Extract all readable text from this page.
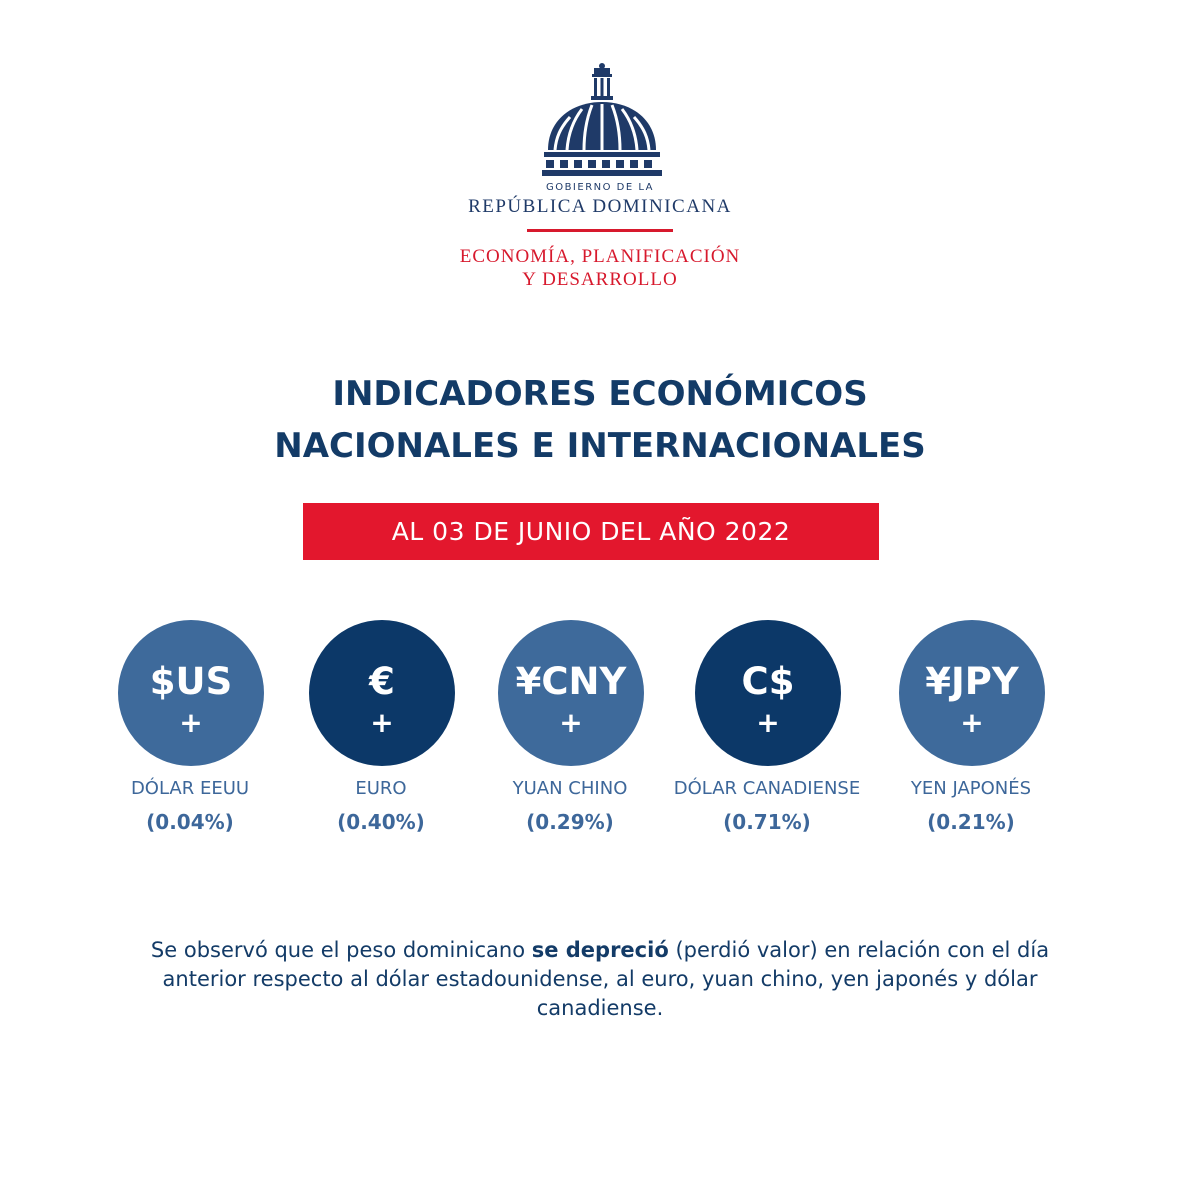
GOBIERNO DE LA
REPÚBLICA DOMINICANA
ECONOMÍA, PLANIFICACIÓN
Y DESARROLLO
INDICADORES ECONÓMICOS
NACIONALES E INTERNACIONALES
AL 03 DE JUNIO DEL AÑO 2022
$US
+
DÓLAR EEUU
(0.04%)
€
+
EURO
(0.40%)
¥CNY
+
YUAN CHINO
(0.29%)
C$
+
DÓLAR CANADIENSE
(0.71%)
¥JPY
+
YEN JAPONÉS
(0.21%)
Se observó que el peso dominicano se depreció (perdió valor) en relación con el día anterior respecto al dólar estadounidense, al euro, yuan chino, yen japonés y dólar canadiense.
